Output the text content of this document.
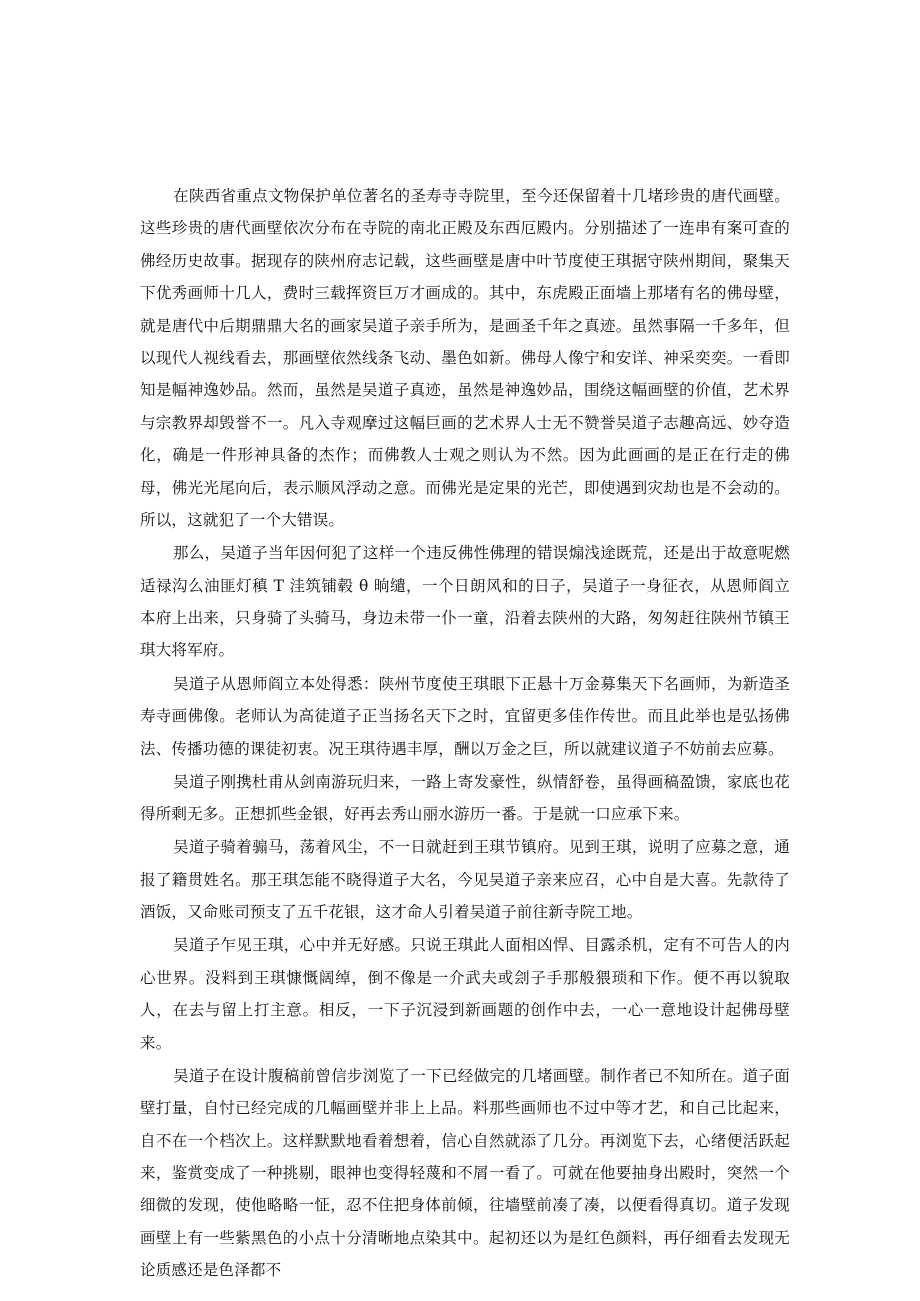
在陕西省重点文物保护单位著名的圣寿寺寺院里，至今还保留着十几堵珍贵的唐代画壁。这些珍贵的唐代画壁依次分布在寺院的南北正殿及东西厄殿内。分别描述了一连串有案可查的佛经历史故事。据现存的陕州府志记载，这些画壁是唐中叶节度使王琪据守陕州期间，聚集天下优秀画师十几人，费时三载挥资巨万才画成的。其中，东虎殿正面墙上那堵有名的佛母壁，就是唐代中后期鼎鼎大名的画家吴道子亲手所为，是画圣千年之真迹。虽然事隔一千多年，但以现代人视线看去，那画壁依然线条飞动、墨色如新。佛母人像宁和安详、神采奕奕。一看即知是幅神逸妙品。然而，虽然是吴道子真迹，虽然是神逸妙品，围绕这幅画壁的价值，艺术界与宗教界却毁誉不一。凡入寺观摩过这幅巨画的艺术界人士无不赞誉吴道子志趣高远、妙夺造化，确是一件形神具备的杰作；而佛教人士观之则认为不然。因为此画画的是正在行走的佛母，佛光光尾向后，表示顺风浮动之意。而佛光是定果的光芒，即使遇到灾劫也是不会动的。所以，这就犯了一个大错误。

那么，吴道子当年因何犯了这样一个违反佛性佛理的错误煽浅途既荒，还是出于故意呢燃适禄沟么油匪灯稹 T 洼筑铺毂 θ 晌缱，一个日朗风和的日子，吴道子一身征衣，从恩师阎立本府上出来，只身骑了头骑马，身边未带一仆一童，沿着去陕州的大路，匆匆赶往陕州节镇王琪大将军府。

吴道子从恩师阎立本处得悉：陕州节度使王琪眼下正悬十万金募集天下名画师，为新造圣寿寺画佛像。老师认为高徒道子正当扬名天下之时，宜留更多佳作传世。而且此举也是弘扬佛法、传播功德的课徒初衷。况王琪待遇丰厚，酬以万金之巨，所以就建议道子不妨前去应募。

吴道子刚携杜甫从剑南游玩归来，一路上寄发豪性，纵情舒卷，虽得画稿盈馈，家底也花得所剩无多。正想抓些金银，好再去秀山丽水游历一番。于是就一口应承下来。

吴道子骑着骟马，荡着风尘，不一日就赶到王琪节镇府。见到王琪，说明了应募之意，通报了籍贯姓名。那王琪怎能不晓得道子大名，今见吴道子亲来应召，心中自是大喜。先款待了酒饭，又命账司预支了五千花银，这才命人引着吴道子前往新寺院工地。

吴道子乍见王琪，心中并无好感。只说王琪此人面相凶悍、目露杀机，定有不可告人的内心世界。没料到王琪慷慨阔绰，倒不像是一介武夫或刽子手那般猥琐和下作。便不再以貌取人，在去与留上打主意。相反，一下子沉浸到新画题的创作中去，一心一意地设计起佛母壁来。

吴道子在设计腹稿前曾信步浏览了一下已经做完的几堵画壁。制作者已不知所在。道子面壁打量，自忖已经完成的几幅画壁并非上上品。料那些画师也不过中等才艺，和自己比起来，自不在一个档次上。这样默默地看着想着，信心自然就添了几分。再浏览下去，心绪便活跃起来，鉴赏变成了一种挑剔，眼神也变得轻蔑和不屑一看了。可就在他要抽身出殿时，突然一个细微的发现，使他略略一怔，忍不住把身体前倾，往墙壁前凑了凑，以便看得真切。道子发现画壁上有一些紫黑色的小点十分清晰地点染其中。起初还以为是红色颜料，再仔细看去发现无论质感还是色泽都不
